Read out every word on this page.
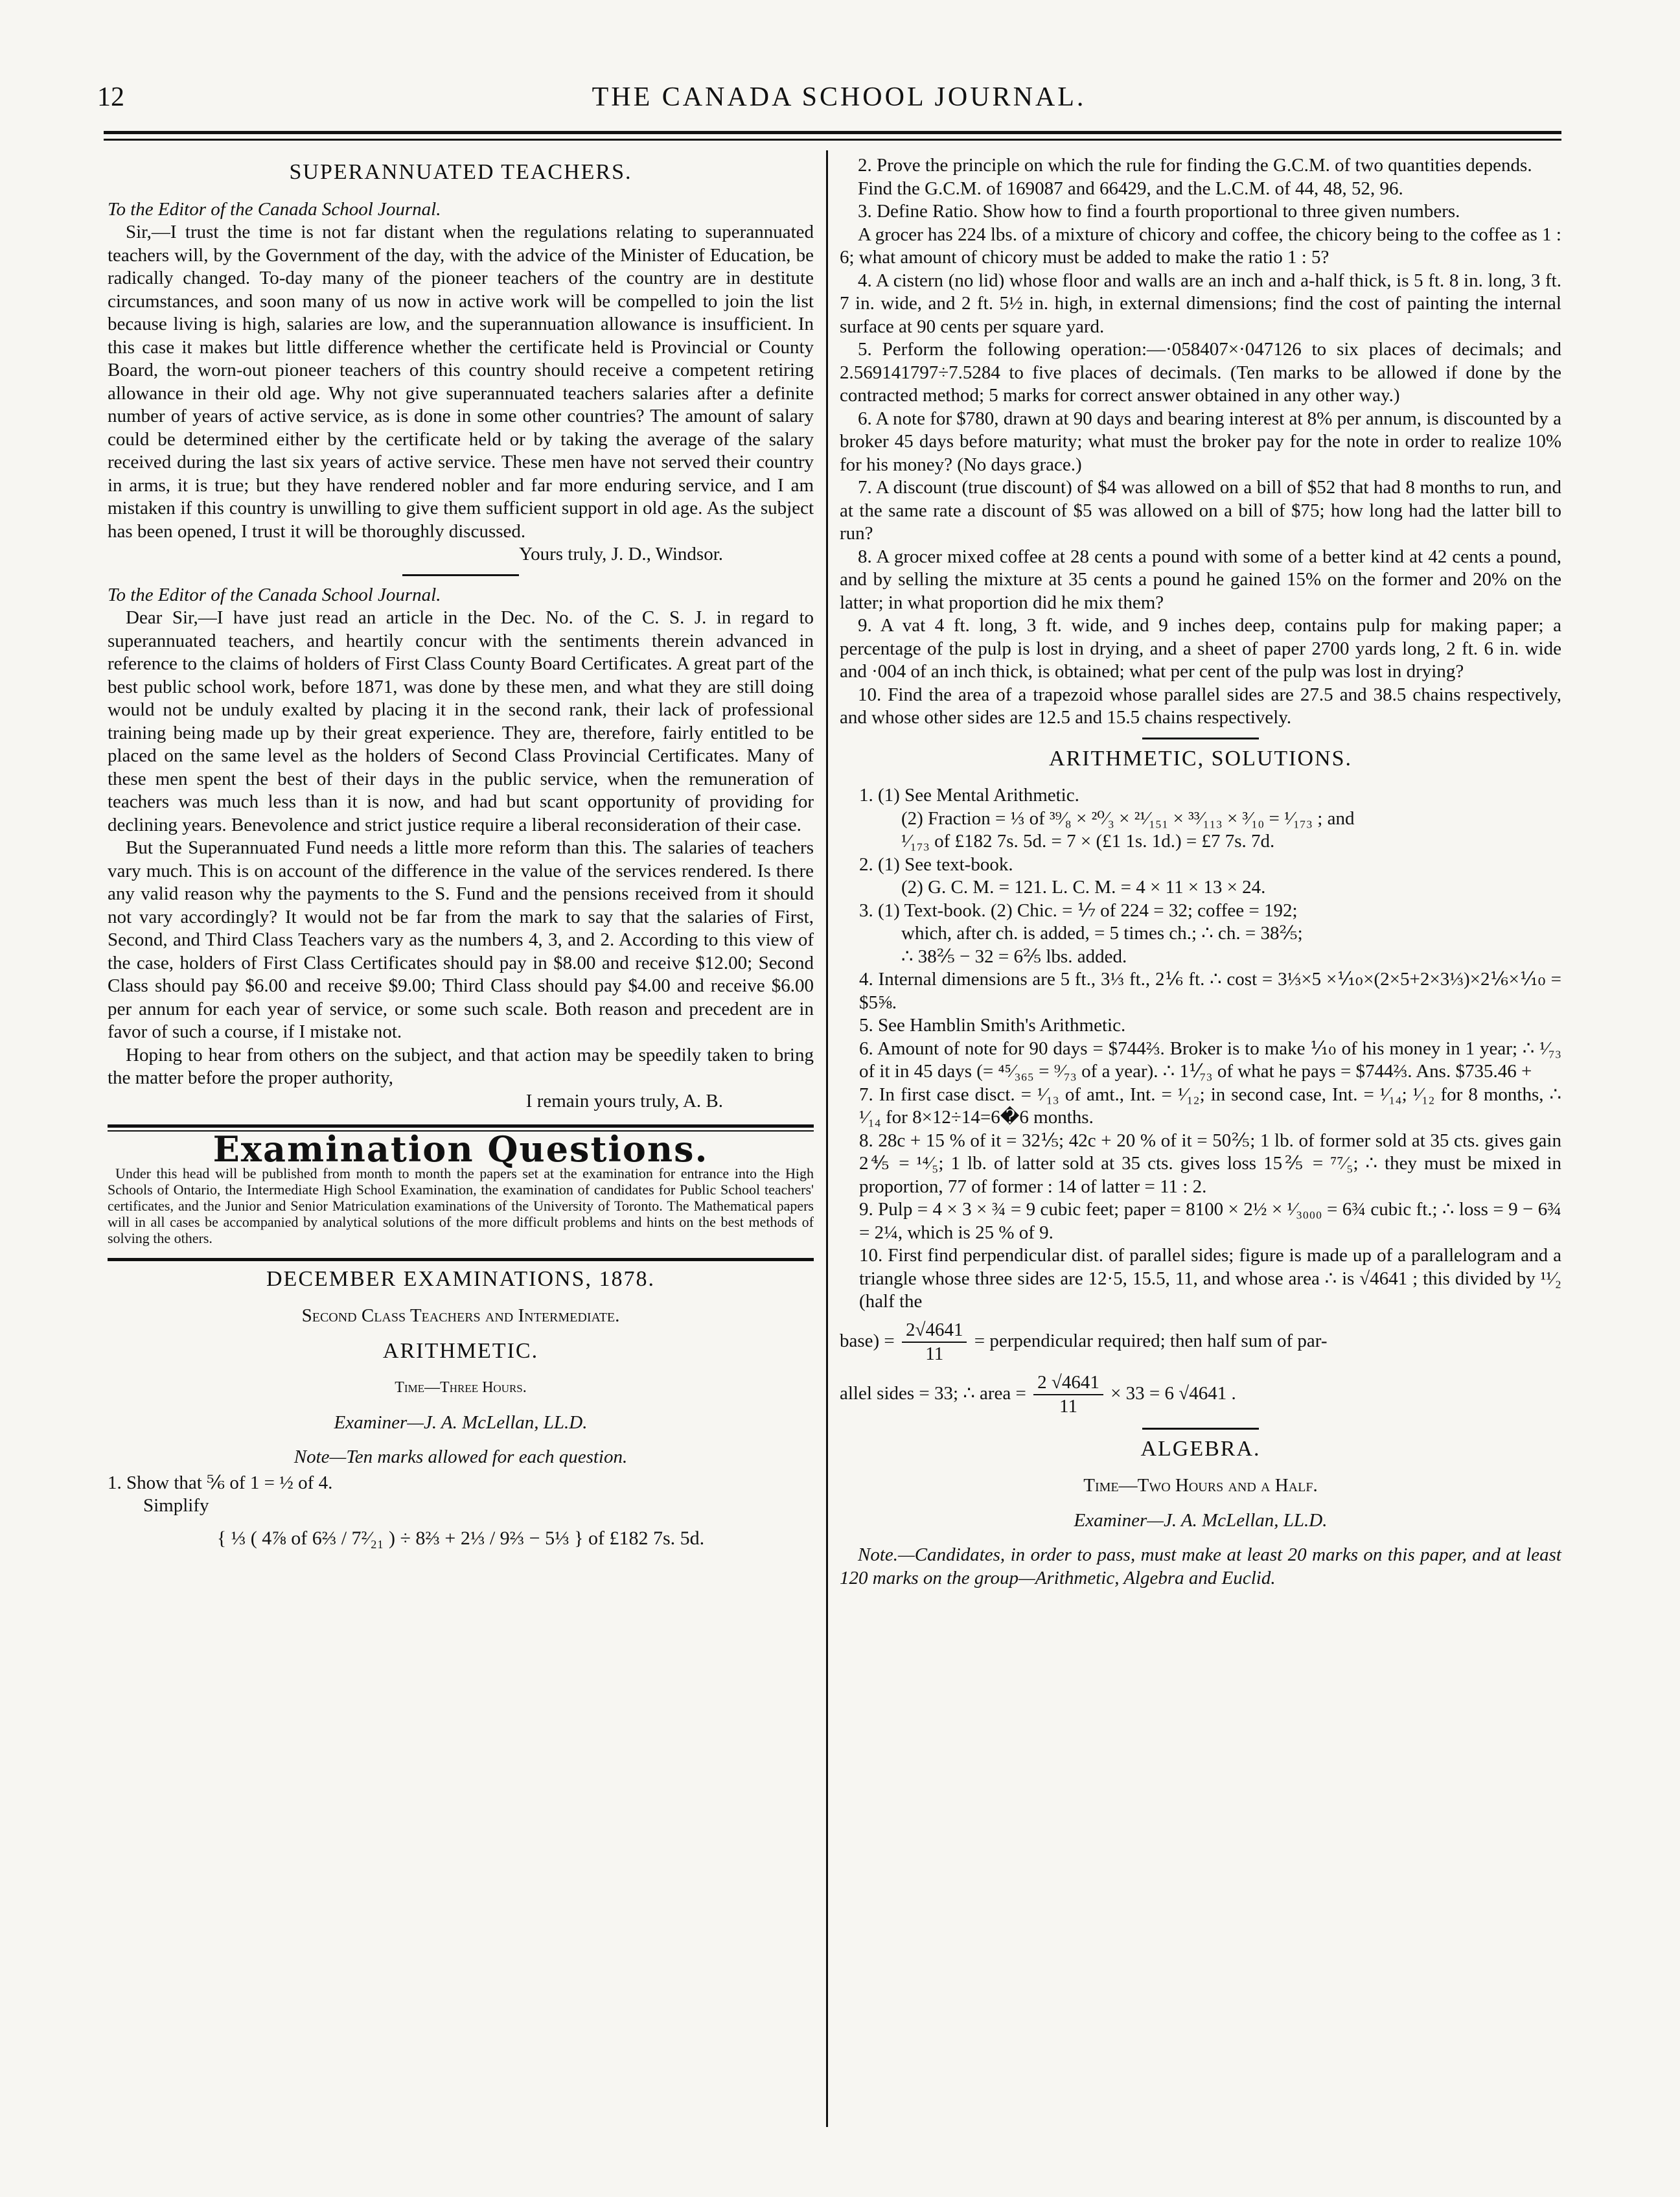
12	THE CANADA SCHOOL JOURNAL.
SUPERANNUATED TEACHERS.

To the Editor of the Canada School Journal.

Sir,—I trust the time is not far distant when the regulations relating to superannuated teachers will, by the Government of the day, with the advice of the Minister of Education, be radically changed. To-day many of the pioneer teachers of the country are in destitute circumstances, and soon many of us now in active work will be compelled to join the list because living is high, salaries are low, and the superannuation allowance is insufficient. In this case it makes but little difference whether the certificate held is Provincial or County Board, the worn-out pioneer teachers of this country should receive a competent retiring allowance in their old age. Why not give superannuated teachers salaries after a definite number of years of active service, as is done in some other countries? The amount of salary could be determined either by the certificate held or by taking the average of the salary received during the last six years of active service. These men have not served their country in arms, it is true; but they have rendered nobler and far more enduring service, and I am mistaken if this country is unwilling to give them sufficient support in old age. As the subject has been opened, I trust it will be thoroughly discussed.

Yours truly, J. D., Windsor.

To the Editor of the Canada School Journal.

Dear Sir,—I have just read an article in the Dec. No. of the C. S. J. in regard to superannuated teachers, and heartily concur with the sentiments therein advanced in reference to the claims of holders of First Class County Board Certificates. A great part of the best public school work, before 1871, was done by these men, and what they are still doing would not be unduly exalted by placing it in the second rank, their lack of professional training being made up by their great experience. They are, therefore, fairly entitled to be placed on the same level as the holders of Second Class Provincial Certificates. Many of these men spent the best of their days in the public service, when the remuneration of teachers was much less than it is now, and had but scant opportunity of providing for declining years. Benevolence and strict justice require a liberal reconsideration of their case.

But the Superannuated Fund needs a little more reform than this. The salaries of teachers vary much. This is on account of the difference in the value of the services rendered. Is there any valid reason why the payments to the S. Fund and the pensions received from it should not vary accordingly? It would not be far from the mark to say that the salaries of First, Second, and Third Class Teachers vary as the numbers 4, 3, and 2. According to this view of the case, holders of First Class Certificates should pay in $8.00 and receive $12.00; Second Class should pay $6.00 and receive $9.00; Third Class should pay $4.00 and receive $6.00 per annum for each year of service, or some such scale. Both reason and precedent are in favor of such a course, if I mistake not.

Hoping to hear from others on the subject, and that action may be speedily taken to bring the matter before the proper authority,

I remain yours truly, A. B.

Examination Questions.

Under this head will be published from month to month the papers set at the examination for entrance into the High Schools of Ontario, the Intermediate High School Examination, the examination of candidates for Public School teachers' certificates, and the Junior and Senior Matriculation examinations of the University of Toronto. The Mathematical papers will in all cases be accompanied by analytical solutions of the more difficult problems and hints on the best methods of solving the others.

DECEMBER EXAMINATIONS, 1878.

Second Class Teachers and Intermediate.

ARITHMETIC.

Time—Three Hours.

Examiner—J. A. McLellan, LL.D.

Note—Ten marks allowed for each question.

1. Show that ⅚ of 1 = ½ of 4.

Simplify

{ ⅓ ( 4⅞ of 6⅔ / 7²⁄₂₁ ) ÷ 8⅔ + 2⅓ / 9⅔ − 5⅓ } of £182 7s. 5d.

2. Prove the principle on which the rule for finding the G.C.M. of two quantities depends.

Find the G.C.M. of 169087 and 66429, and the L.C.M. of 44, 48, 52, 96.

3. Define Ratio. Show how to find a fourth proportional to three given numbers.

A grocer has 224 lbs. of a mixture of chicory and coffee, the chicory being to the coffee as 1 : 6; what amount of chicory must be added to make the ratio 1 : 5?

4. A cistern (no lid) whose floor and walls are an inch and a-half thick, is 5 ft. 8 in. long, 3 ft. 7 in. wide, and 2 ft. 5½ in. high, in external dimensions; find the cost of painting the internal surface at 90 cents per square yard.

5. Perform the following operation:—·058407×·047126 to six places of decimals; and 2.569141797÷7.5284 to five places of decimals. (Ten marks to be allowed if done by the contracted method; 5 marks for correct answer obtained in any other way.)

6. A note for $780, drawn at 90 days and bearing interest at 8% per annum, is discounted by a broker 45 days before maturity; what must the broker pay for the note in order to realize 10% for his money? (No days grace.)

7. A discount (true discount) of $4 was allowed on a bill of $52 that had 8 months to run, and at the same rate a discount of $5 was allowed on a bill of $75; how long had the latter bill to run?

8. A grocer mixed coffee at 28 cents a pound with some of a better kind at 42 cents a pound, and by selling the mixture at 35 cents a pound he gained 15% on the former and 20% on the latter; in what proportion did he mix them?

9. A vat 4 ft. long, 3 ft. wide, and 9 inches deep, contains pulp for making paper; a percentage of the pulp is lost in drying, and a sheet of paper 2700 yards long, 2 ft. 6 in. wide and ·004 of an inch thick, is obtained; what per cent of the pulp was lost in drying?

10. Find the area of a trapezoid whose parallel sides are 27.5 and 38.5 chains respectively, and whose other sides are 12.5 and 15.5 chains respectively.

ARITHMETIC, SOLUTIONS.

1. (1) See Mental Arithmetic.

(2) Fraction = ⅓ of ³⁹⁄₈ × ²⁰⁄₃ × ²¹⁄₁₅₁ × ³³⁄₁₁₃ × ³⁄₁₀ = ¹⁄₁₇₃ ; and

¹⁄₁₇₃ of £182 7s. 5d. = 7 × (£1 1s. 1d.) = £7 7s. 7d.

2. (1) See text-book.

(2) G. C. M. = 121. L. C. M. = 4 × 11 × 13 × 24.

3. (1) Text-book. (2) Chic. = ⅐ of 224 = 32; coffee = 192;

which, after ch. is added, = 5 times ch.; ∴ ch. = 38⅖;

∴ 38⅖ − 32 = 6⅖ lbs. added.

4. Internal dimensions are 5 ft., 3⅓ ft., 2⅙ ft. ∴ cost = 3⅓×5 ×⅒×(2×5+2×3⅓)×2⅙×⅒ = $5⅝.

5. See Hamblin Smith's Arithmetic.

6. Amount of note for 90 days = $744⅔. Broker is to make ⅒ of his money in 1 year; ∴ ¹⁄₇₃ of it in 45 days (= ⁴⁵⁄₃₆₅ = ⁹⁄₇₃ of a year). ∴ 1⅟₇₃ of what he pays = $744⅔. Ans. $735.46 +

7. In first case disct. = ¹⁄₁₃ of amt., Int. = ¹⁄₁₂; in second case, Int. = ¹⁄₁₄; ¹⁄₁₂ for 8 months, ∴ ¹⁄₁₄ for 8×12÷14=6�6 months.

8. 28c + 15 % of it = 32⅕; 42c + 20 % of it = 50⅖; 1 lb. of former sold at 35 cts. gives gain 2⅘ = ¹⁴⁄₅; 1 lb. of latter sold at 35 cts. gives loss 15⅖ = ⁷⁷⁄₅; ∴ they must be mixed in proportion, 77 of former : 14 of latter = 11 : 2.

9. Pulp = 4 × 3 × ¾ = 9 cubic feet; paper = 8100 × 2½ × ¹⁄₃₀₀₀ = 6¾ cubic ft.; ∴ loss = 9 − 6¾ = 2¼, which is 25 % of 9.

10. First find perpendicular dist. of parallel sides; figure is made up of a parallelogram and a triangle whose three sides are 12·5, 15.5, 11, and whose area ∴ is √4641 ; this divided by ¹¹⁄₂ (half the

base) = $\frac{2√4641}{11}$ = perpendicular required; then half sum of par-

allel sides = 33; ∴ area = $\frac{2 √4641}{11} \times 33 = 6$ √4641 .

ALGEBRA.

Time—Two Hours and a Half.

Examiner—J. A. McLellan, LL.D.

Note.—Candidates, in order to pass, must make at least 20 marks on this paper, and at least 120 marks on the group—Arithmetic, Algebra and Euclid.
